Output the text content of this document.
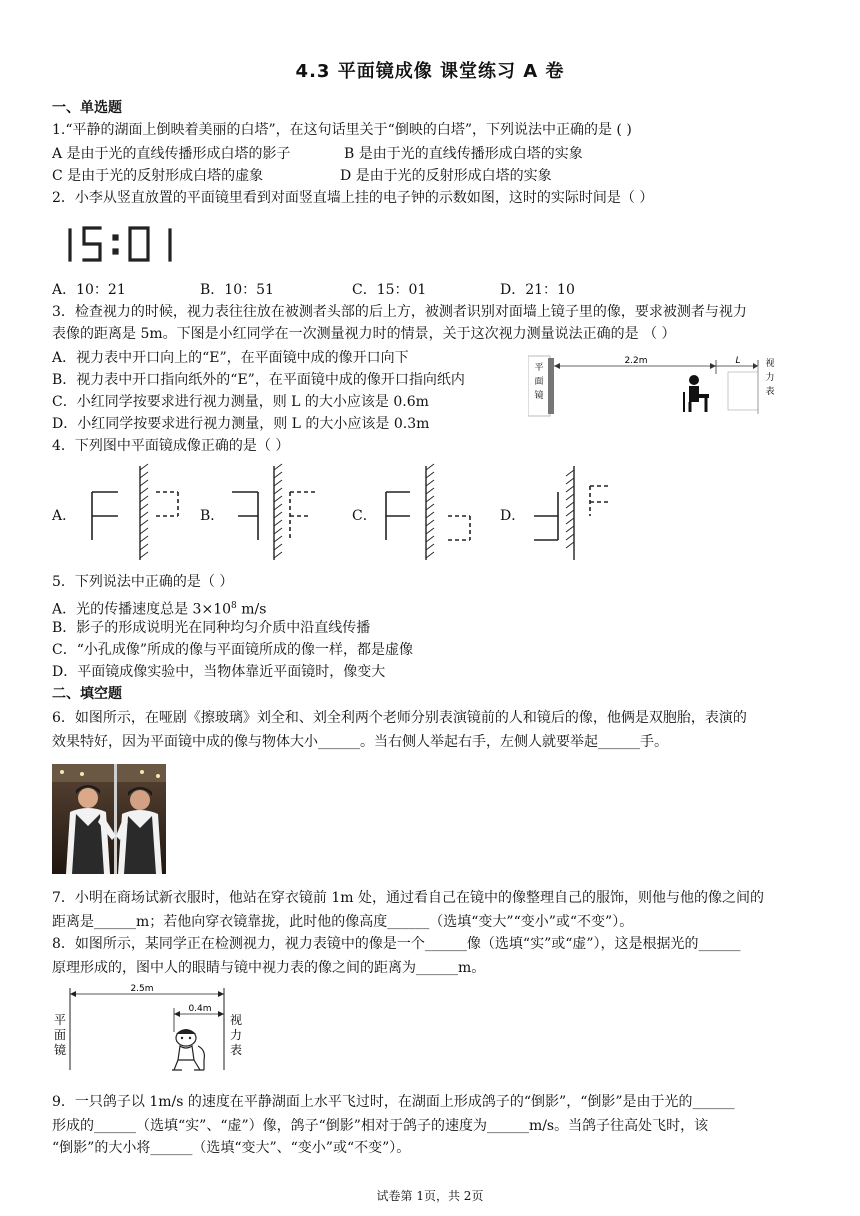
4.3 平面镜成像 课堂练习 A 卷
一、单选题
1.“平静的湖面上倒映着美丽的白塔”，在这句话里关于“倒映的白塔”，下列说法中正确的是 ( )
A 是由于光的直线传播形成白塔的影子	B 是由于光的直线传播形成白塔的实象
C 是由于光的反射形成白塔的虚象	D 是由于光的反射形成白塔的实象
2．小李从竖直放置的平面镜里看到对面竖直墙上挂的电子钟的示数如图，这时的实际时间是（ ）
A．10：21	B．10：51	C．15：01	D．21：10
3．检查视力的时候，视力表往往放在被测者头部的后上方，被测者识别对面墙上镜子里的像，要求被测者与视力
表像的距离是 5m。下图是小红同学在一次测量视力时的情景，关于这次视力测量说法正确的是 （ ）
A．视力表中开口向上的“E”，在平面镜中成的像开口向下
B．视力表中开口指向纸外的“E”，在平面镜中成的像开口指向纸内
C．小红同学按要求进行视力测量，则 L 的大小应该是 0.6m
D．小红同学按要求进行视力测量，则 L 的大小应该是 0.3m
平
面
镜
2.2m	L	视
力
表
4．下列图中平面镜成像正确的是（ ）
A．	B．	C．	D．
5．下列说法中正确的是（ ）
A．光的传播速度总是 $3\times 10^8$ m/s
B．影子的形成说明光在同种均匀介质中沿直线传播
C．“小孔成像”所成的像与平面镜所成的像一样，都是虚像
D．平面镜成像实验中，当物体靠近平面镜时，像变大
二、填空题
6．如图所示，在哑剧《擦玻璃》刘全和、刘全利两个老师分别表演镜前的人和镜后的像，他俩是双胞胎，表演的
效果特好，因为平面镜中成的像与物体大小______。当右侧人举起右手，左侧人就要举起______手。
7．小明在商场试新衣服时，他站在穿衣镜前 1m 处，通过看自己在镜中的像整理自己的服饰，则他与他的像之间的
距离是______m；若他向穿衣镜靠拢，此时他的像高度______（选填“变大”“变小”或“不变”）。
8．如图所示，某同学正在检测视力，视力表镜中的像是一个______像（选填“实”或“虚”），这是根据光的______
原理形成的，图中人的眼睛与镜中视力表的像之间的距离为______m。
平
面
镜
2.5m
0.4m
视
力
表
9．一只鸽子以 1m/s 的速度在平静湖面上水平飞过时，在湖面上形成鸽子的“倒影”，“倒影”是由于光的______
形成的______（选填“实”、“虚”）像，鸽子“倒影”相对于鸽子的速度为______m/s。当鸽子往高处飞时，该
“倒影”的大小将______（选填“变大”、“变小”或“不变”）。
试卷第 1页，共 2页
